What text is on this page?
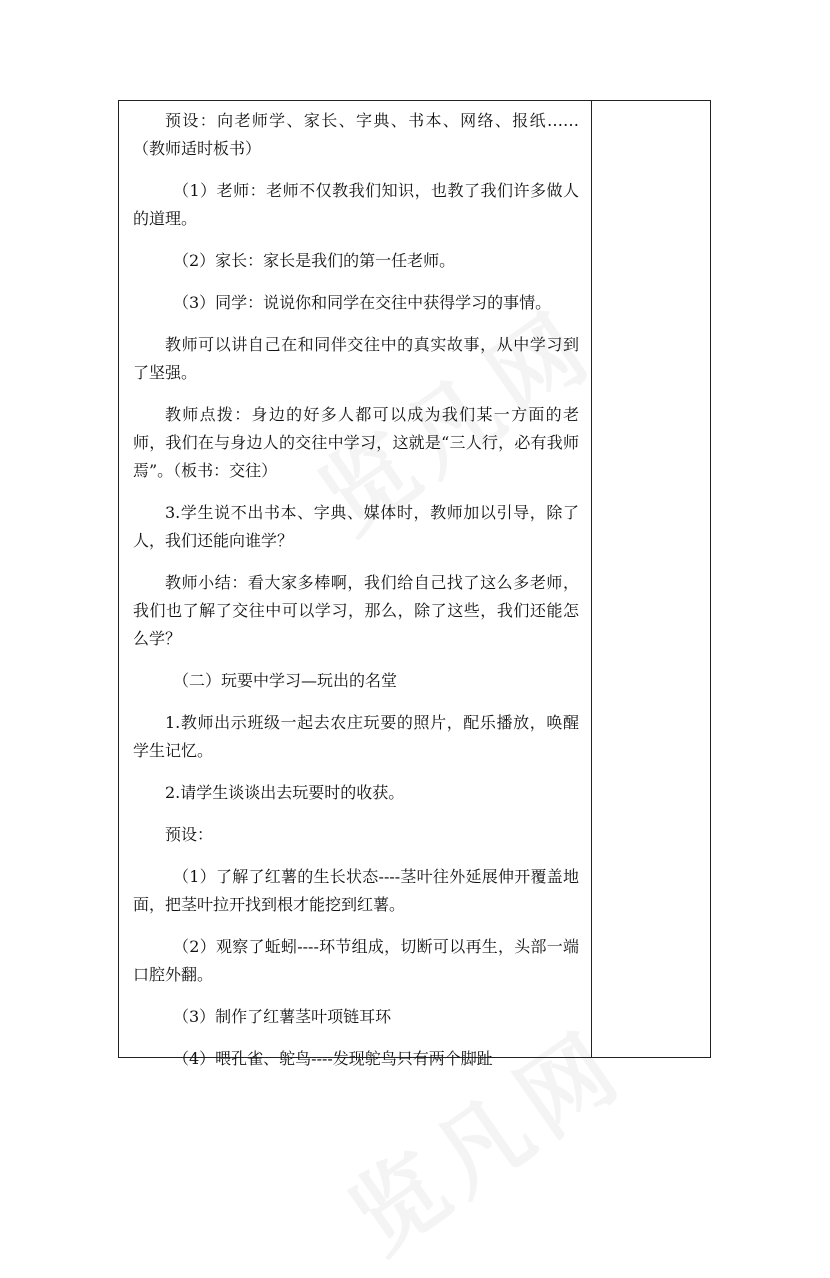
预设：向老师学、家长、字典、书本、网络、报纸……（教师适时板书）

（1）老师：老师不仅教我们知识，也教了我们许多做人的道理。

（2）家长：家长是我们的第一任老师。

（3）同学：说说你和同学在交往中获得学习的事情。

教师可以讲自己在和同伴交往中的真实故事，从中学习到了坚强。

教师点拨：身边的好多人都可以成为我们某一方面的老师，我们在与身边人的交往中学习，这就是“三人行，必有我师焉”。（板书：交往）

3.学生说不出书本、字典、媒体时，教师加以引导，除了人，我们还能向谁学？

教师小结：看大家多棒啊，我们给自己找了这么多老师，我们也了解了交往中可以学习，那么，除了这些，我们还能怎么学？

（二）玩要中学习—玩出的名堂

1.教师出示班级一起去农庄玩要的照片，配乐播放，唤醒学生记忆。

2.请学生谈谈出去玩要时的收获。

预设：

（1）了解了红薯的生长状态----茎叶往外延展伸开覆盖地面，把茎叶拉开找到根才能挖到红薯。

（2）观察了蚯蚓----环节组成，切断可以再生，头部一端口腔外翻。

（3）制作了红薯茎叶项链耳环

（4）喂孔雀、鸵鸟----发现鸵鸟只有两个脚趾
